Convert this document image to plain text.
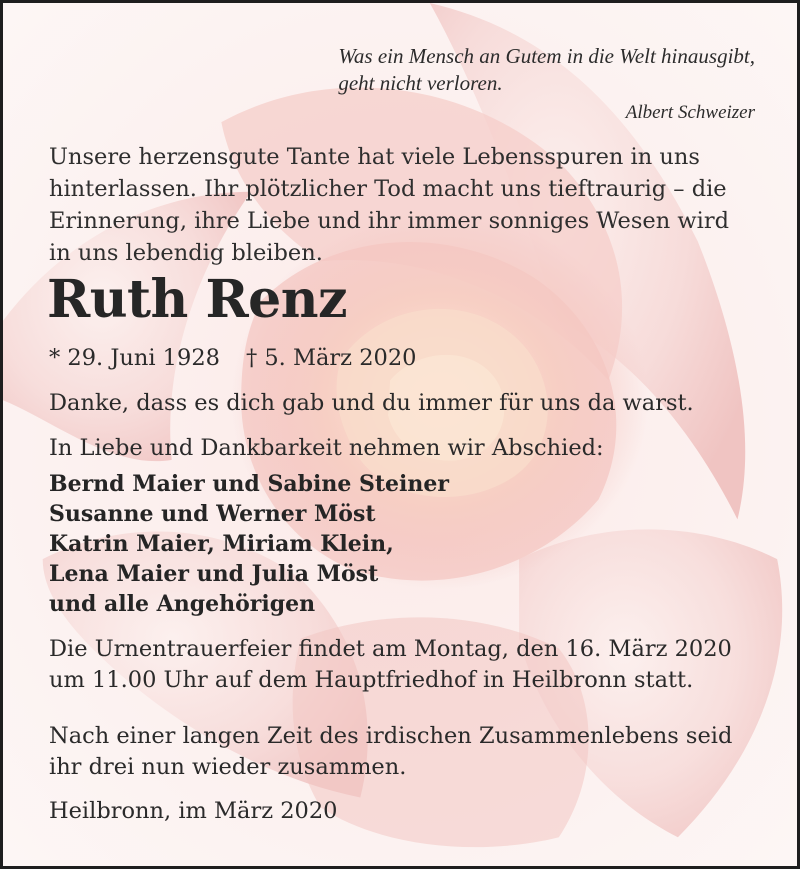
Was ein Mensch an Gutem in die Welt hinausgibt,
geht nicht verloren.
Albert Schweizer
Unsere herzensgute Tante hat viele Lebensspuren in uns
hinterlassen. Ihr plötzlicher Tod macht uns tieftraurig – die
Erinnerung, ihre Liebe und ihr immer sonniges Wesen wird
in uns lebendig bleiben.
Ruth Renz
* 29. Juni 1928 † 5. März 2020
Danke, dass es dich gab und du immer für uns da warst.
In Liebe und Dankbarkeit nehmen wir Abschied:
Bernd Maier und Sabine Steiner
Susanne und Werner Möst
Katrin Maier, Miriam Klein,
Lena Maier und Julia Möst
und alle Angehörigen
Die Urnentrauerfeier findet am Montag, den 16. März 2020
um 11.00 Uhr auf dem Hauptfriedhof in Heilbronn statt.
Nach einer langen Zeit des irdischen Zusammenlebens seid
ihr drei nun wieder zusammen.
Heilbronn, im März 2020
